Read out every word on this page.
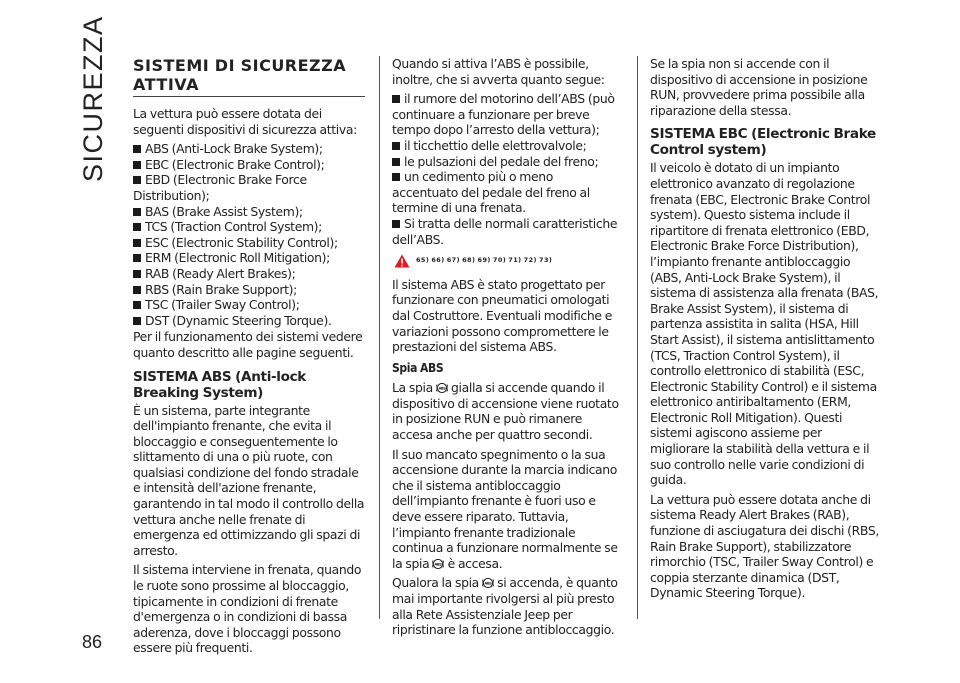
SICUREZZA
86
SISTEMI DI SICUREZZA ATTIVA

La vettura può essere dotata dei seguenti dispositivi di sicurezza attiva:

ABS (Anti-Lock Brake System);
EBC (Electronic Brake Control);
EBD (Electronic Brake Force Distribution);
BAS (Brake Assist System);
TCS (Traction Control System);
ESC (Electronic Stability Control);
ERM (Electronic Roll Mitigation);
RAB (Ready Alert Brakes);
RBS (Rain Brake Support);
TSC (Trailer Sway Control);
DST (Dynamic Steering Torque).

Per il funzionamento dei sistemi vedere quanto descritto alle pagine seguenti.

SISTEMA ABS (Anti-lock Breaking System)

È un sistema, parte integrante dell'impianto frenante, che evita il bloccaggio e conseguentemente lo slittamento di una o più ruote, con qualsiasi condizione del fondo stradale e intensità dell'azione frenante, garantendo in tal modo il controllo della vettura anche nelle frenate di emergenza ed ottimizzando gli spazi di arresto.

Il sistema interviene in frenata, quando le ruote sono prossime al bloccaggio, tipicamente in condizioni di frenate d'emergenza o in condizioni di bassa aderenza, dove i bloccaggi possono essere più frequenti.

Quando si attiva l’ABS è possibile, inoltre, che si avverta quanto segue:

il rumore del motorino dell’ABS (può continuare a funzionare per breve tempo dopo l’arresto della vettura);
il ticchettio delle elettrovalvole;
le pulsazioni del pedale del freno;
un cedimento più o meno accentuato del pedale del freno al termine di una frenata.
Si tratta delle normali caratteristiche dell’ABS.
65) 66) 67) 68) 69) 70) 71) 72) 73)

Il sistema ABS è stato progettato per funzionare con pneumatici omologati dal Costruttore. Eventuali modifiche e variazioni possono compromettere le prestazioni del sistema ABS.

Spia ABS

La spia ABS gialla si accende quando il dispositivo di accensione viene ruotato in posizione RUN e può rimanere accesa anche per quattro secondi.

Il suo mancato spegnimento o la sua accensione durante la marcia indicano che il sistema antibloccaggio dell’impianto frenante è fuori uso e deve essere riparato. Tuttavia, l’impianto frenante tradizionale continua a funzionare normalmente se la spia ABS è accesa.

Qualora la spia ABS si accenda, è quanto mai importante rivolgersi al più presto alla Rete Assistenziale Jeep per ripristinare la funzione antibloccaggio.

Se la spia non si accende con il dispositivo di accensione in posizione RUN, provvedere prima possibile alla riparazione della stessa.

SISTEMA EBC (Electronic Brake Control system)

Il veicolo è dotato di un impianto elettronico avanzato di regolazione frenata (EBC, Electronic Brake Control system). Questo sistema include il ripartitore di frenata elettronico (EBD, Electronic Brake Force Distribution), l’impianto frenante antibloccaggio (ABS, Anti-Lock Brake System), il sistema di assistenza alla frenata (BAS, Brake Assist System), il sistema di partenza assistita in salita (HSA, Hill Start Assist), il sistema antislittamento (TCS, Traction Control System), il controllo elettronico di stabilità (ESC, Electronic Stability Control) e il sistema elettronico antiribaltamento (ERM, Electronic Roll Mitigation). Questi sistemi agiscono assieme per migliorare la stabilità della vettura e il suo controllo nelle varie condizioni di guida.

La vettura può essere dotata anche di sistema Ready Alert Brakes (RAB), funzione di asciugatura dei dischi (RBS, Rain Brake Support), stabilizzatore rimorchio (TSC, Trailer Sway Control) e coppia sterzante dinamica (DST, Dynamic Steering Torque).
